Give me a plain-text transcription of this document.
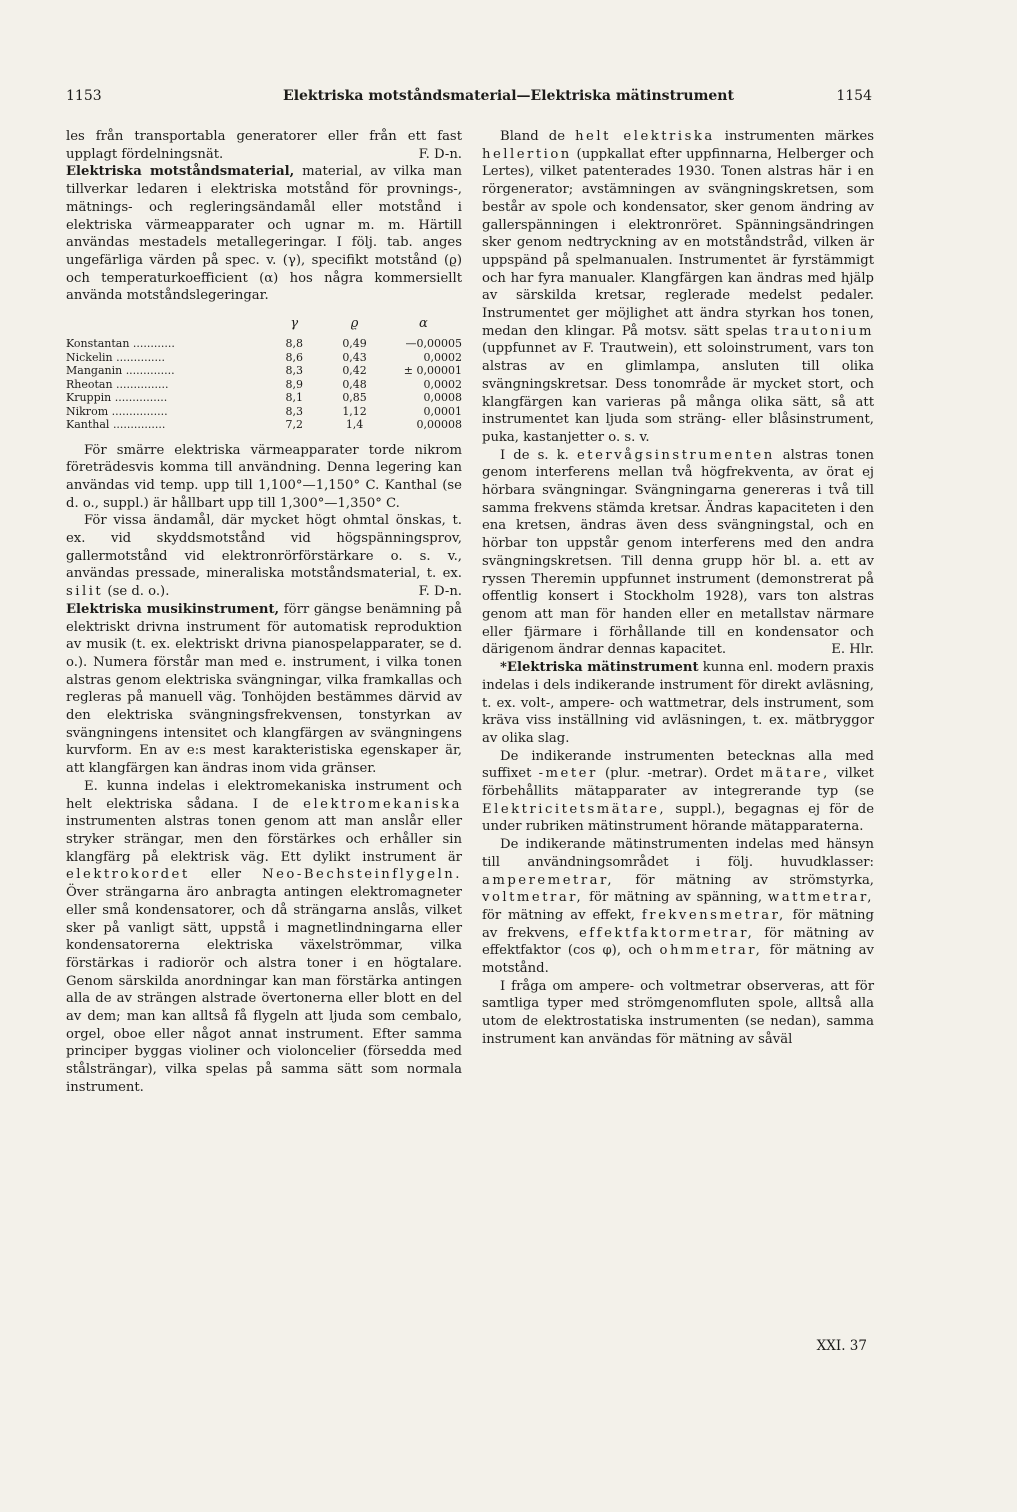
1153	Elektriska motståndsmaterial—Elektriska mätinstrument	1154

les från transportabla generatorer eller från ett fast upplagt fördelningsnät.	F. D-n.

Elektriska motståndsmaterial, material, av vilka man tillverkar ledaren i elektriska motstånd för provnings-, mätnings- och regleringsändamål eller motstånd i elektriska värmeapparater och ugnar m. m. Härtill användas mestadels metallegeringar. I följ. tab. anges ungefärliga värden på spec. v. (γ), specifikt motstånd (ϱ) och temperaturkoefficient (α) hos några kommersiellt använda motståndslegeringar.

	γ	ϱ	α
Konstantan ............	8,8	0,49	—0,00005
Nickelin ..............	8,6	0,43	0,0002
Manganin ..............	8,3	0,42	± 0,00001
Rheotan ...............	8,9	0,48	0,0002
Kruppin ...............	8,1	0,85	0,0008
Nikrom ................	8,3	1,12	0,0001
Kanthal ...............	7,2	1,4	0,00008

För smärre elektriska värmeapparater torde nikrom företrädesvis komma till användning. Denna legering kan användas vid temp. upp till 1,100°—1,150° C. Kanthal (se d. o., suppl.) är hållbart upp till 1,300°—1,350° C.

För vissa ändamål, där mycket högt ohmtal önskas, t. ex. vid skyddsmotstånd vid högspänningsprov, gallermotstånd vid elektronrörförstärkare o. s. v., användas pressade, mineraliska motståndsmaterial, t. ex. silit (se d. o.).	F. D-n.

Elektriska musikinstrument, förr gängse benämning på elektriskt drivna instrument för automatisk reproduktion av musik (t. ex. elektriskt drivna pianospelapparater, se d. o.). Numera förstår man med e. instrument, i vilka tonen alstras genom elektriska svängningar, vilka framkallas och regleras på manuell väg. Tonhöjden bestämmes därvid av den elektriska svängningsfrekvensen, tonstyrkan av svängningens intensitet och klangfärgen av svängningens kurvform. En av e:s mest karakteristiska egenskaper är, att klangfärgen kan ändras inom vida gränser.

E. kunna indelas i elektromekaniska instrument och helt elektriska sådana. I de elektromekaniska instrumenten alstras tonen genom att man anslår eller stryker strängar, men den förstärkes och erhåller sin klangfärg på elektrisk väg. Ett dylikt instrument är elektrokordet eller Neo-Bechsteinflygeln. Över strängarna äro anbragta antingen elektromagneter eller små kondensatorer, och då strängarna anslås, vilket sker på vanligt sätt, uppstå i magnetlindningarna eller kondensatorerna elektriska växelströmmar, vilka förstärkas i radiorör och alstra toner i en högtalare. Genom särskilda anordningar kan man förstärka antingen alla de av strängen alstrade övertonerna eller blott en del av dem; man kan alltså få flygeln att ljuda som cembalo, orgel, oboe eller något annat instrument. Efter samma principer byggas violiner och violoncelier (försedda med stålsträngar), vilka spelas på samma sätt som normala instrument.

Bland de helt elektriska instrumenten märkes hellertion (uppkallat efter uppfinnarna, Helberger och Lertes), vilket patenterades 1930. Tonen alstras här i en rörgenerator; avstämningen av svängningskretsen, som består av spole och kondensator, sker genom ändring av gallerspänningen i elektronröret. Spänningsändringen sker genom nedtryckning av en motståndstråd, vilken är uppspänd på spelmanualen. Instrumentet är fyrstämmigt och har fyra manualer. Klangfärgen kan ändras med hjälp av särskilda kretsar, reglerade medelst pedaler. Instrumentet ger möjlighet att ändra styrkan hos tonen, medan den klingar. På motsv. sätt spelas trautonium (uppfunnet av F. Trautwein), ett soloinstrument, vars ton alstras av en glimlampa, ansluten till olika svängningskretsar. Dess tonområde är mycket stort, och klangfärgen kan varieras på många olika sätt, så att instrumentet kan ljuda som sträng- eller blåsinstrument, puka, kastanjetter o. s. v.

I de s. k. etervågsinstrumenten alstras tonen genom interferens mellan två högfrekventa, av örat ej hörbara svängningar. Svängningarna genereras i två till samma frekvens stämda kretsar. Ändras kapaciteten i den ena kretsen, ändras även dess svängningstal, och en hörbar ton uppstår genom interferens med den andra svängningskretsen. Till denna grupp hör bl. a. ett av ryssen Theremin uppfunnet instrument (demonstrerat på offentlig konsert i Stockholm 1928), vars ton alstras genom att man för handen eller en metallstav närmare eller fjärmare i förhållande till en kondensator och därigenom ändrar dennas kapacitet.	E. Hlr.

*Elektriska mätinstrument kunna enl. modern praxis indelas i dels indikerande instrument för direkt avläsning, t. ex. volt-, ampere- och wattmetrar, dels instrument, som kräva viss inställning vid avläsningen, t. ex. mätbryggor av olika slag.

De indikerande instrumenten betecknas alla med suffixet -meter (plur. -metrar). Ordet mätare, vilket förbehållits mätapparater av integrerande typ (se Elektricitetsmätare, suppl.), begagnas ej för de under rubriken mätinstrument hörande mätapparaterna.

De indikerande mätinstrumenten indelas med hänsyn till användningsområdet i följ. huvudklasser: amperemetrar, för mätning av strömstyrka, voltmetrar, för mätning av spänning, wattmetrar, för mätning av effekt, frekvensmetrar, för mätning av frekvens, effektfaktormetrar, för mätning av effektfaktor (cos φ), och ohmmetrar, för mätning av motstånd.

I fråga om ampere- och voltmetrar observeras, att för samtliga typer med strömgenomfluten spole, alltså alla utom de elektrostatiska instrumenten (se nedan), samma instrument kan användas för mätning av såväl

XXI. 37
